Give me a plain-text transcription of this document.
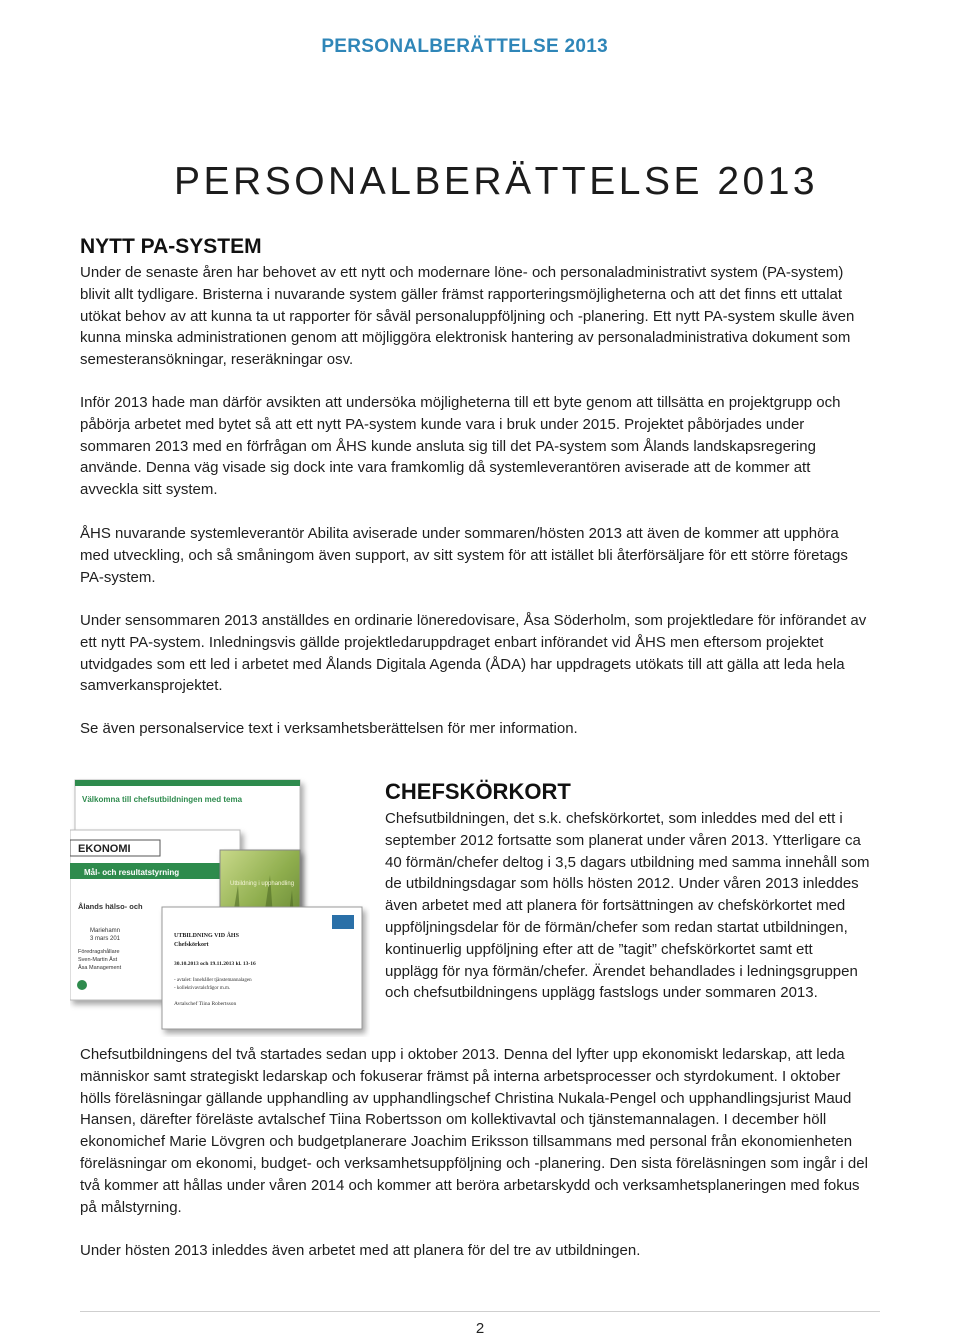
PERSONALBERÄTTELSE 2013
PERSONALBERÄTTELSE 2013
NYTT PA-SYSTEM
Under de senaste åren har behovet av ett nytt och modernare löne- och personaladministrativt system (PA-system) blivit allt tydligare. Bristerna i nuvarande system gäller främst rapporteringsmöjligheterna och att det finns ett uttalat utökat behov av att kunna ta ut rapporter för såväl personaluppföljning och -planering. Ett nytt PA-system skulle även kunna minska administrationen genom att möjliggöra elektronisk hantering av personaladministrativa dokument som semesteransökningar, reseräkningar osv.
Inför 2013 hade man därför avsikten att undersöka möjligheterna till ett byte genom att tillsätta en projektgrupp och påbörja arbetet med bytet så att ett nytt PA-system kunde vara i bruk under 2015. Projektet påbörjades under sommaren 2013 med en förfrågan om ÅHS kunde ansluta sig till det PA-system som Ålands landskapsregering använde. Denna väg visade sig dock inte vara framkomlig då systemleverantören aviserade att de kommer att avveckla sitt system.
ÅHS nuvarande systemleverantör Abilita aviserade under sommaren/hösten 2013 att även de kommer att upphöra med utveckling, och så småningom även support, av sitt system för att istället bli återförsäljare för ett större företags PA-system.
Under sensommaren 2013 anställdes en ordinarie löneredovisare, Åsa Söderholm, som projektledare för införandet av ett nytt PA-system. Inledningsvis gällde projektledaruppdraget enbart införandet vid ÅHS men eftersom projektet utvidgades som ett led i arbetet med Ålands Digitala Agenda (ÅDA) har uppdragets utökats till att gälla att leda hela samverkansprojektet.
Se även personalservice text i verksamhetsberättelsen för mer information.
Välkomna till chefsutbildningen med tema
EKONOMI
Mål- och resultatstyrning
Ålands hälso- och
Mariehamn
3 mars 201
Föredragshållare
Sven-Martin Åst
Åsa Management
Utbildning i upphandling
UTBILDNING VID ÅHS
Chefskörkort
30.10.2013 och 19.11.2013 kl. 13-16
- avtalet: Innehåller tjänstemannalagen
- kollektivavtalsfrågor m.m.
Avtalschef Tiina Robertsson
CHEFSKÖRKORT
Chefsutbildningen, det s.k. chefskörkortet, som inleddes med del ett i september 2012 fortsatte som planerat under våren 2013. Ytterligare ca 40 förmän/chefer deltog i 3,5 dagars utbildning med samma innehåll som de utbildningsdagar som hölls hösten 2012. Under våren 2013 inleddes även arbetet med att planera för fortsättningen av chefskörkortet med uppföljningsdelar för de förmän/chefer som redan startat utbildningen, kontinuerlig uppföljning efter att de ”tagit” chefskörkortet samt ett upplägg för nya förmän/chefer. Ärendet behandlades i ledningsgruppen och chefsutbildningens upplägg fastslogs under sommaren 2013.
Chefsutbildningens del två startades sedan upp i oktober 2013. Denna del lyfter upp ekonomiskt ledarskap, att leda människor samt strategiskt ledarskap och fokuserar främst på interna arbetsprocesser och styrdokument. I oktober hölls föreläsningar gällande upphandling av upphandlingschef Christina Nukala-Pengel och upphandlingsjurist Maud Hansen, därefter föreläste avtalschef Tiina Robertsson om kollektivavtal och tjänstemannalagen. I december höll ekonomichef Marie Lövgren och budgetplanerare Joachim Eriksson tillsammans med personal från ekonomienheten föreläsningar om ekonomi, budget- och verksamhetsuppföljning och -planering. Den sista föreläsningen som ingår i del två kommer att hållas under våren 2014 och kommer att beröra arbetarskydd och verksamhetsplaneringen med fokus på målstyrning.
Under hösten 2013 inleddes även arbetet med att planera för del tre av utbildningen.
2
